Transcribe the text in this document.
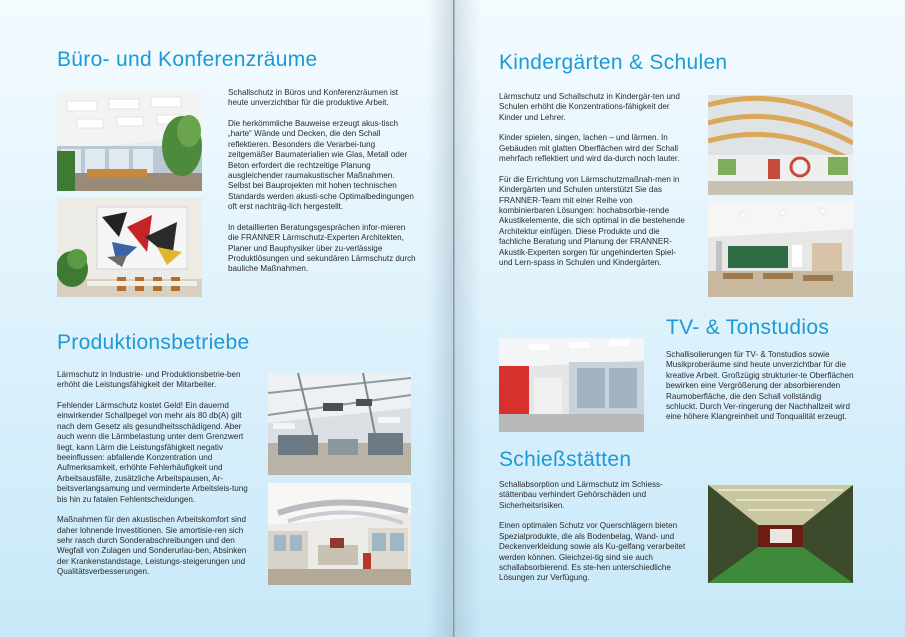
Büro- und Konferenzräume

Schallschutz in Büros und Konferenzräumen ist heute unverzichtbar für die produktive Arbeit.

Die herkömmliche Bauweise erzeugt akus-tisch „harte“ Wände und Decken, die den Schall reflektieren. Besonders die Verarbei-tung zeitgemäßer Baumaterialien wie Glas, Metall oder Beton erfordert die rechtzeitige Planung ausgleichender raumakustischer Maßnahmen. Selbst bei Bauprojekten mit hohen technischen Standards werden akusti-sche Optimalbedingungen oft erst nachträg-lich hergestellt.

In detaillierten Beratungsgesprächen infor-mieren die FRANNER Lärmschutz-Experten Architekten, Planer und Bauphysiker über zu-verlässige Produktlösungen und sekundären Lärmschutz durch bauliche Maßnahmen.

Produktionsbetriebe

Lärmschutz in Industrie- und Produktionsbetrie-ben erhöht die Leistungsfähigkeit der Mitarbeiter.

Fehlender Lärmschutz kostet Geld! Ein dauernd einwirkender Schallpegel von mehr als 80 db(A) gilt nach dem Gesetz als gesundheitsschädigend. Aber auch wenn die Lärmbelastung unter dem Grenzwert liegt, kann Lärm die Leistungsfähigkeit negativ beeinflussen: abfallende Konzentration und Aufmerksamkeit, erhöhte Fehlerhäufigkeit und Arbeitsausfälle, zusätzliche Arbeitspausen, Ar-beitsverlangsamung und verminderte Arbeitsleis-tung bis hin zu fatalen Fehlentscheidungen.

Maßnahmen für den akustischen Arbeitskomfort sind daher lohnende Investitionen. Sie amortisie-ren sich sehr rasch durch Sonderabschreibungen und den Wegfall von Zulagen und Sonderurlau-ben, Absinken der Krankenstandstage, Leistungs-steigerungen und Qualitätsverbesserungen.

Kindergärten & Schulen

Lärmschutz und Schallschutz in Kindergär-ten und Schulen erhöht die Konzentrations-fähigkeit der Kinder und Lehrer.

Kinder spielen, singen, lachen – und lärmen. In Gebäuden mit glatten Oberflächen wird der Schall mehrfach reflektiert und wird da-durch noch lauter.

Für die Errichtung von Lärmschutzmaßnah-men in Kindergärten und Schulen unterstützt Sie das FRANNER-Team mit einer Reihe von kombinierbaren Lösungen: hochabsorbie-rende Akustikelemente, die sich optimal in die bestehende Architektur einfügen. Diese Produkte und die fachliche Beratung und Planung der FRANNER-Akustik-Experten sorgen für ungehinderten Spiel- und Lern-spass in Schulen und Kindergärten.

TV- & Tonstudios

Schallisolierungen für TV- & Tonstudios sowie Musikproberäume sind heute unverzichtbar für die kreative Arbeit. Großzügig strukturier-te Oberflächen bewirken eine Vergrößerung der absorbierenden Raumoberfläche, die den Schall vollständig schluckt. Durch Ver-ringerung der Nachhallzeit wird eine höhere Klangreinheit und Tonqualität erzeugt.

Schießstätten

Schallabsorption und Lärmschutz im Schiess-stättenbau verhindert Gehörschäden und Sicherheitsrisiken.

Einen optimalen Schutz vor Querschlägern bieten Spezialprodukte, die als Bodenbelag, Wand- und Deckenverkleidung sowie als Ku-gelfang verarbeitet werden können. Gleichzei-tig sind sie auch schallabsorbierend. Es ste-hen unterschiedliche Lösungen zur Verfügung.
